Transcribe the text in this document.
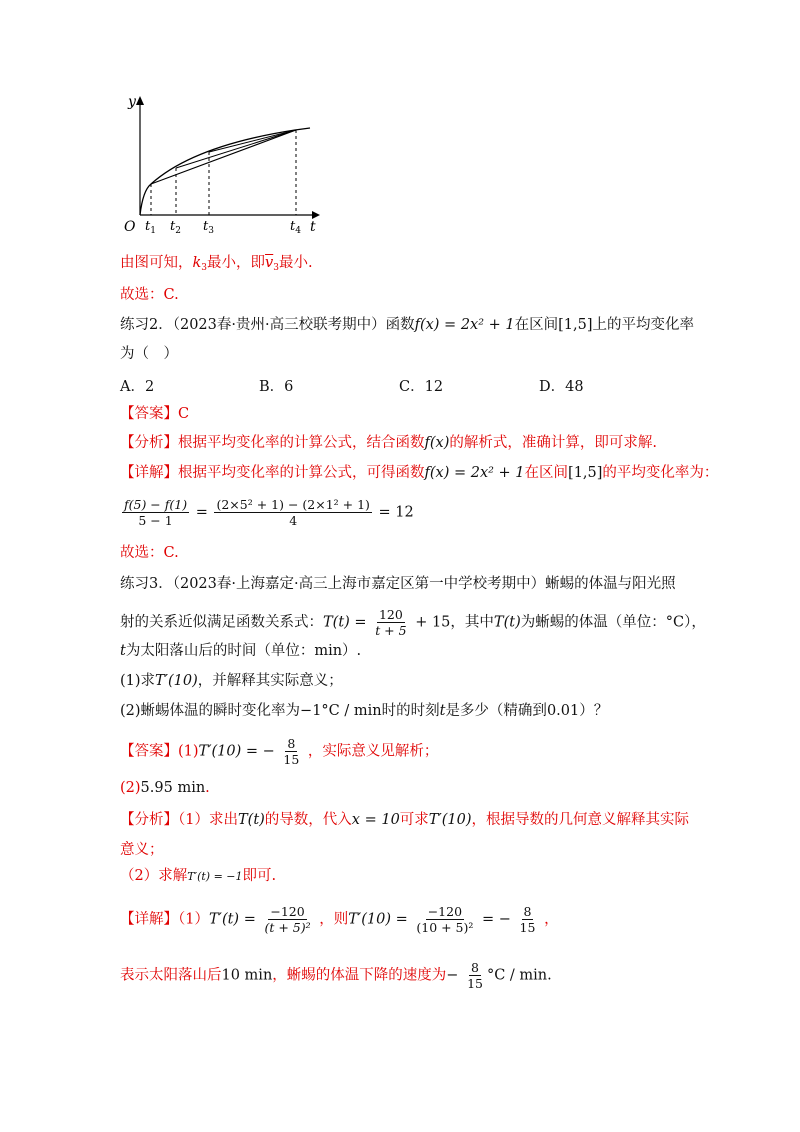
y
t
O $t_1$ $t_2$ $t_3$	$t_4$
由图可知，$k_3$最小，即$\overline{v}_3$最小.
故选：C.
练习2．（2023春·贵州·高三校联考期中）函数f(x) = 2x² + 1在区间[1,5]上的平均变化率
为（　）
A．2	B．6	C．12	D．48
【答案】C
【分析】根据平均变化率的计算公式，结合函数f(x)的解析式，准确计算，即可求解.
【详解】根据平均变化率的计算公式，可得函数f(x) = 2x² + 1在区间[1,5]的平均变化率为：
$\frac{f(5) - f(1)}{5 - 1} = \frac{\text{(2×5² + 1) − (2×1² + 1)}}{4} = 12$
故选：C.
练习3．（2023春·上海嘉定·高三上海市嘉定区第一中学校考期中）蜥蜴的体温与阳光照
射的关系近似满足函数关系式：$T(t) = \frac{120}{t + 5} + 15$，其中T(t)为蜥蜴的体温（单位：°C），
t为太阳落山后的时间（单位：min）.
(1)求T′(10)，并解释其实际意义；
(2)蜥蜴体温的瞬时变化率为−1°C / min时的时刻t是多少（精确到0.01）？
【答案】(1)T′(10) = − $\frac{8}{15}$ ，实际意义见解析；
(2)5.95 min.
【分析】（1）求出T(t)的导数，代入x = 10可求T′(10)，根据导数的几何意义解释其实际
意义；
（2）求解T′(t) = −1即可.
【详解】$(1)T'(t) = \frac{-120}{\text{(t + 5)²}}$ ，则$T'(10) = \frac{-120}{\text{(10 + 5)²}}$ = − $\frac{8}{15}$ ，
表示太阳落山后10 min，蜥蜴的体温下降的速度为− $\frac{8}{15} ^\circ C$ / min.
